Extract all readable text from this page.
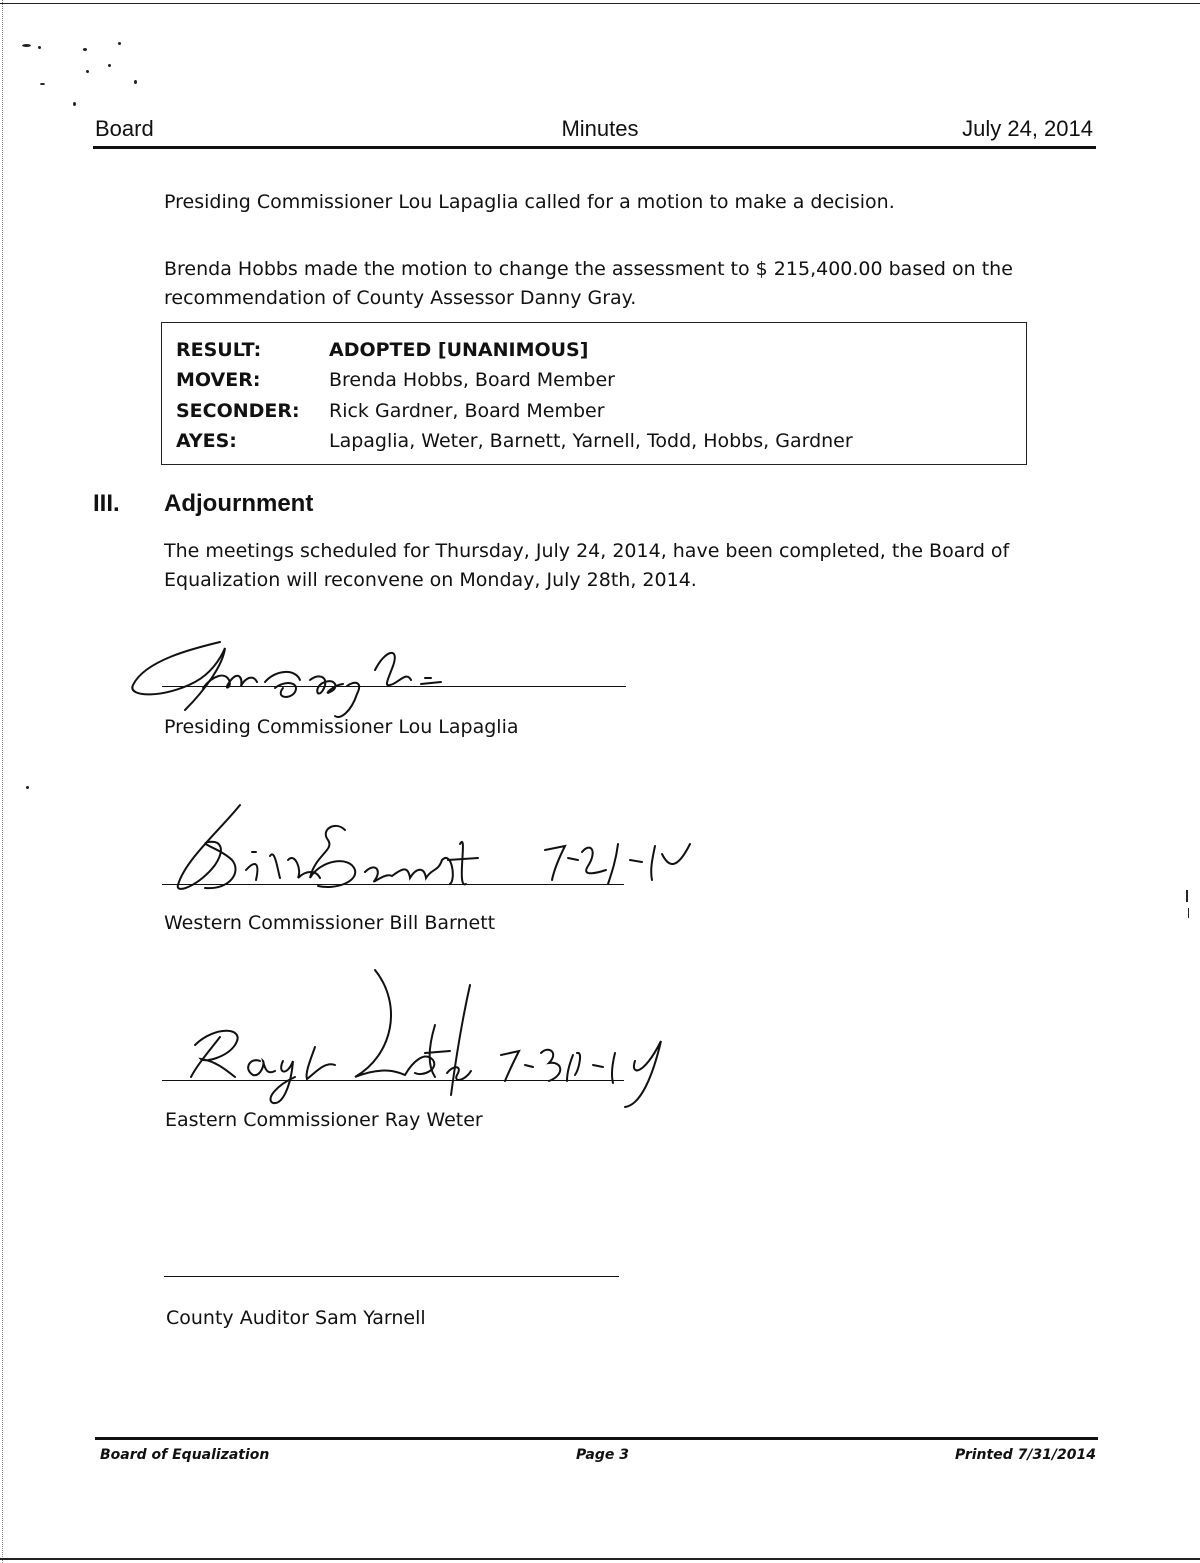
Board	Minutes	July 24, 2014
Presiding Commissioner Lou Lapaglia called for a motion to make a decision.
Brenda Hobbs made the motion to change the assessment to $ 215,400.00 based on the recommendation of County Assessor Danny Gray.
RESULT:	ADOPTED [UNANIMOUS]
MOVER:	Brenda Hobbs, Board Member
SECONDER: Rick Gardner, Board Member
AYES:	Lapaglia, Weter, Barnett, Yarnell, Todd, Hobbs, Gardner
III. Adjournment
The meetings scheduled for Thursday, July 24, 2014, have been completed, the Board of Equalization will reconvene on Monday, July 28th, 2014.
Presiding Commissioner Lou Lapaglia
Western Commissioner Bill Barnett
Eastern Commissioner Ray Weter
County Auditor Sam Yarnell
Board of Equalization	Page 3	Printed 7/31/2014
